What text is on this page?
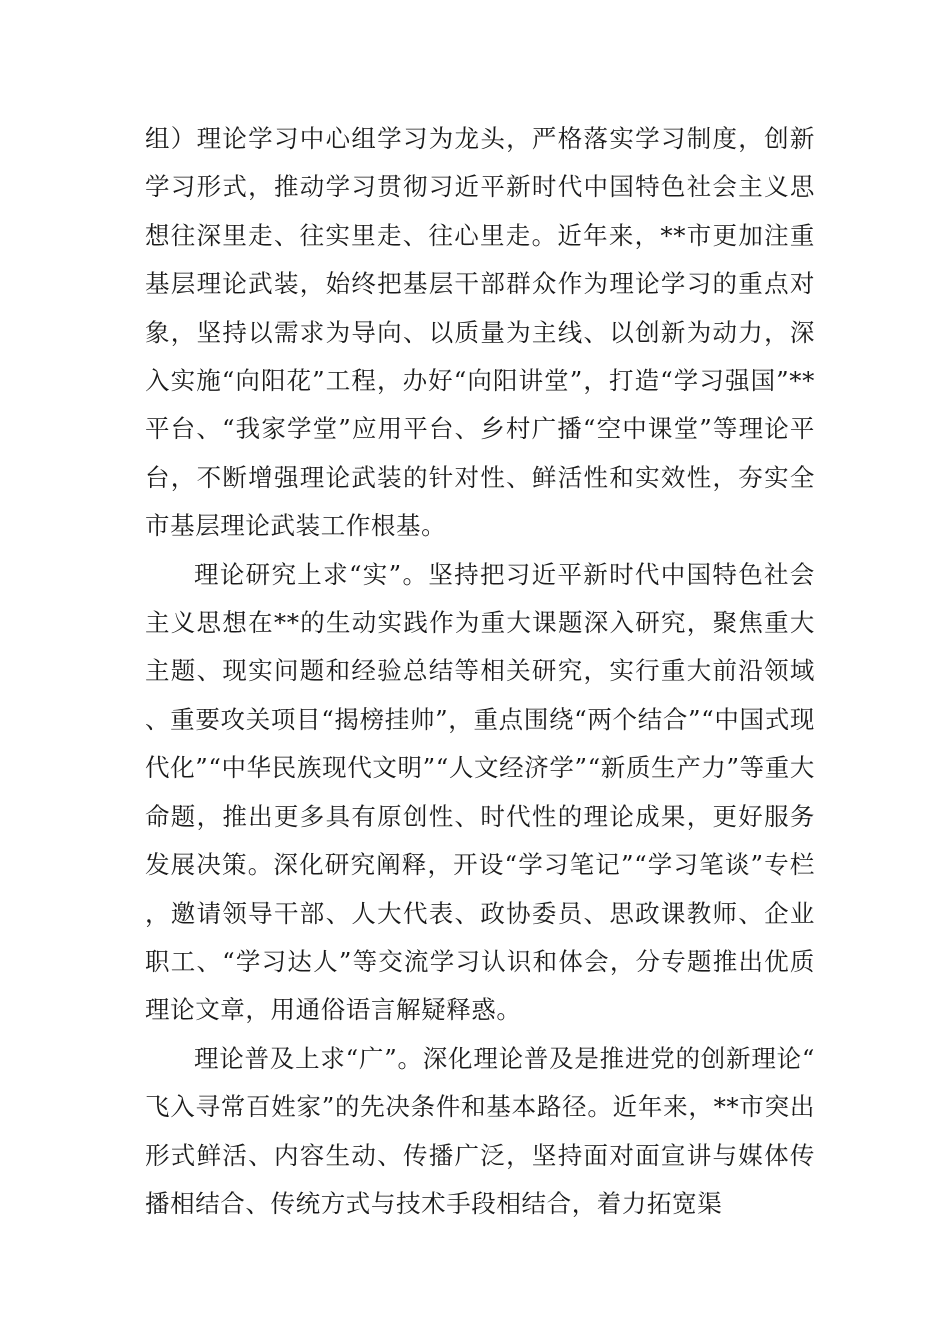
组）理论学习中心组学习为龙头，严格落实学习制度，创新学习形式，推动学习贯彻习近平新时代中国特色社会主义思想往深里走、往实里走、往心里走。近年来，**市更加注重基层理论武装，始终把基层干部群众作为理论学习的重点对象，坚持以需求为导向、以质量为主线、以创新为动力，深入实施“向阳花”工程，办好“向阳讲堂”，打造“学习强国”**平台、“我家学堂”应用平台、乡村广播“空中课堂”等理论平台，不断增强理论武装的针对性、鲜活性和实效性，夯实全市基层理论武装工作根基。

理论研究上求“实”。坚持把习近平新时代中国特色社会主义思想在**的生动实践作为重大课题深入研究，聚焦重大主题、现实问题和经验总结等相关研究，实行重大前沿领域、重要攻关项目“揭榜挂帅”，重点围绕“两个结合”“中国式现代化”“中华民族现代文明”“人文经济学”“新质生产力”等重大命题，推出更多具有原创性、时代性的理论成果，更好服务发展决策。深化研究阐释，开设“学习笔记”“学习笔谈”专栏，邀请领导干部、人大代表、政协委员、思政课教师、企业职工、“学习达人”等交流学习认识和体会，分专题推出优质理论文章，用通俗语言解疑释惑。

理论普及上求“广”。深化理论普及是推进党的创新理论“飞入寻常百姓家”的先决条件和基本路径。近年来，**市突出形式鲜活、内容生动、传播广泛，坚持面对面宣讲与媒体传播相结合、传统方式与技术手段相结合，着力拓宽渠
